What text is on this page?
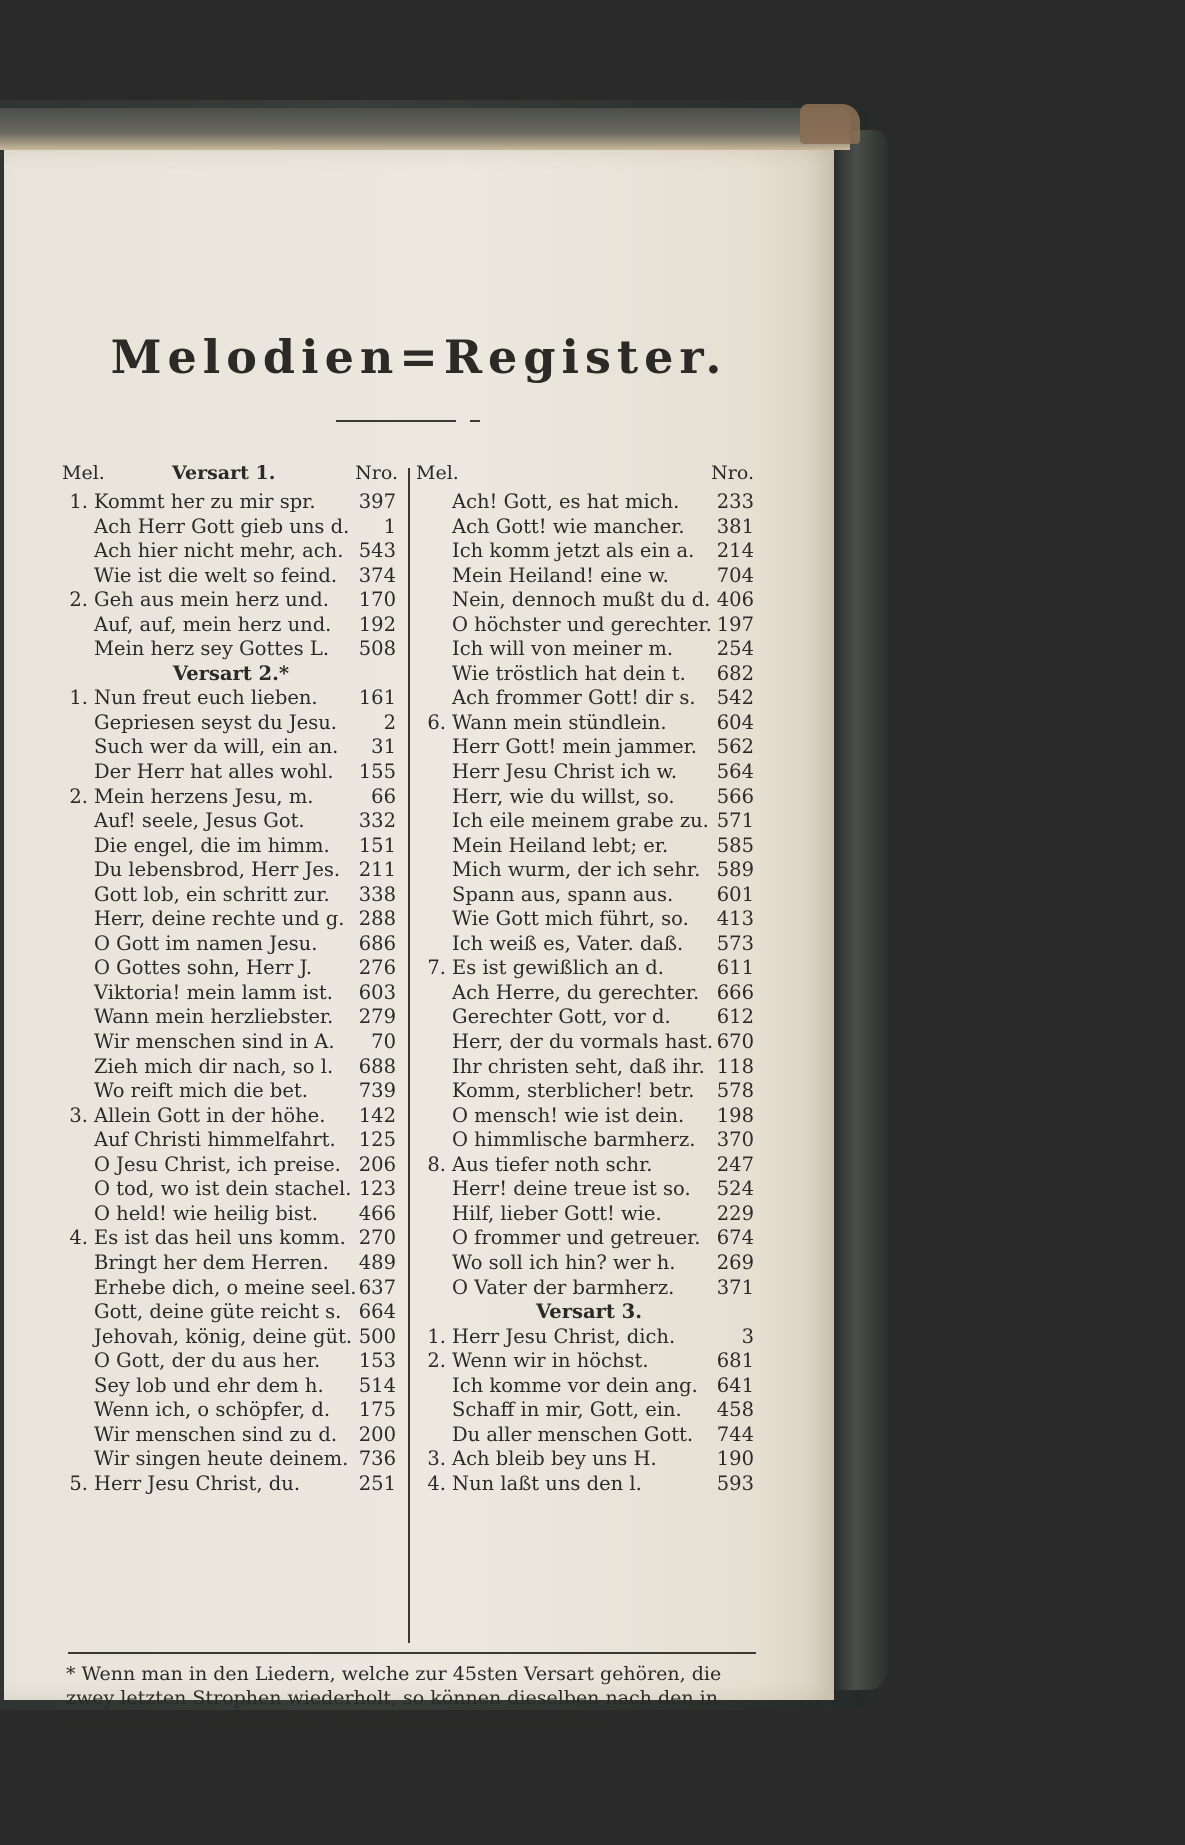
Melodien=Register.
Mel.	Versart 1.	Nro. Mel.	Nro.
1. Kommt her zu mir spr. 397
Ach Herr Gott gieb uns d. 1
Ach hier nicht mehr, ach. 543
Wie ist die welt so feind. 374
2. Geh aus mein herz und. 170
Auf, auf, mein herz und. 192
Mein herz sey Gottes L. 508
Versart 2.*
1. Nun freut euch lieben. 161
Gepriesen seyst du Jesu. 2
Such wer da will, ein an. 31
Der Herr hat alles wohl. 155
2. Mein herzens Jesu, m.	66
Auf! seele, Jesus Got.	332
Die engel, die im himm. 151
Du lebensbrod, Herr Jes. 211
Gott lob, ein schritt zur. 338
Herr, deine rechte und g. 288
O Gott im namen Jesu. 686
O Gottes sohn, Herr J. 276
Viktoria! mein lamm ist. 603
Wann mein herzliebster. 279
Wir menschen sind in A. 70
Zieh mich dir nach, so l. 688
Wo reift mich die bet.	739
3. Allein Gott in der höhe. 142
Auf Christi himmelfahrt. 125
O Jesu Christ, ich preise. 206
O tod, wo ist dein stachel. 123
O held! wie heilig bist. 466
4. Es ist das heil uns komm. 270
Bringt her dem Herren. 489
Erhebe dich, o meine seel. 637
Gott, deine güte reicht s. 664
Jehovah, könig, deine güt. 500
O Gott, der du aus her. 153
Sey lob und ehr dem h. 514
Wenn ich, o schöpfer, d. 175
Wir menschen sind zu d. 200
Wir singen heute deinem. 736
5. Herr Jesu Christ, du.	251
Ach! Gott, es hat mich. 233
Ach Gott! wie mancher. 381
Ich komm jetzt als ein a. 214
Mein Heiland! eine w. 704
Nein, dennoch mußt du d. 406
O höchster und gerechter. 197
Ich will von meiner m. 254
Wie tröstlich hat dein t. 682
Ach frommer Gott! dir s. 542
6. Wann mein stündlein.	604
Herr Gott! mein jammer. 562
Herr Jesu Christ ich w. 564
Herr, wie du willst, so. 566
Ich eile meinem grabe zu. 571
Mein Heiland lebt; er. 585
Mich wurm, der ich sehr. 589
Spann aus, spann aus. 601
Wie Gott mich führt, so. 413
Ich weiß es, Vater. daß. 573
7. Es ist gewißlich an d.	611
Ach Herre, du gerechter. 666
Gerechter Gott, vor d. 612
Herr, der du vormals hast. 670
Ihr christen seht, daß ihr. 118
Komm, sterblicher! betr. 578
O mensch! wie ist dein. 198
O himmlische barmherz. 370
8. Aus tiefer noth schr.	247
Herr! deine treue ist so. 524
Hilf, lieber Gott! wie.	229
O frommer und getreuer. 674
Wo soll ich hin? wer h. 269
O Vater der barmherz. 371
Versart 3.
1. Herr Jesu Christ, dich.	3
2. Wenn wir in höchst.	681
Ich komme vor dein ang. 641
Schaff in mir, Gott, ein. 458
Du aller menschen Gott. 744
3. Ach bleib bey uns H.	190
4. Nun laßt uns den l.	593
* Wenn man in den Liedern, welche zur 45sten Versart gehören, die zwey letzten Strophen wiederholt, so können dieselben nach den in dieser Versart befindlichen Melodien gesungen werden.
